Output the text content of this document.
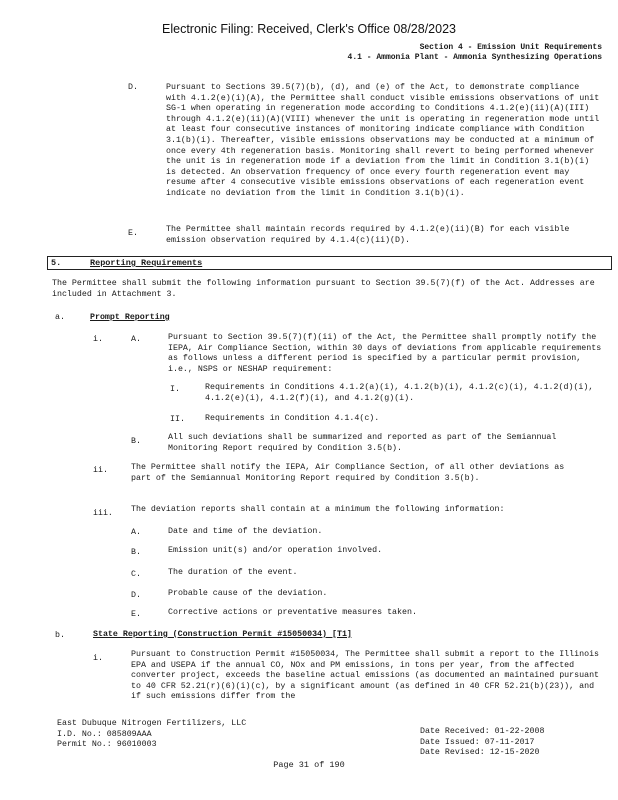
Electronic Filing: Received, Clerk's Office 08/28/2023
Section 4 - Emission Unit Requirements
4.1 - Ammonia Plant - Ammonia Synthesizing Operations
D.	Pursuant to Sections 39.5(7)(b), (d), and (e) of the Act, to demonstrate compliance with 4.1.2(e)(i)(A), the Permittee shall conduct visible emissions observations of unit SG-1 when operating in regeneration mode according to Conditions 4.1.2(e)(ii)(A)(III) through 4.1.2(e)(ii)(A)(VIII) whenever the unit is operating in regeneration mode until at least four consecutive instances of monitoring indicate compliance with Condition 3.1(b)(i). Thereafter, visible emissions observations may be conducted at a minimum of once every 4th regeneration basis. Monitoring shall revert to being performed whenever the unit is in regeneration mode if a deviation from the limit in Condition 3.1(b)(i) is detected. An observation frequency of once every fourth regeneration event may resume after 4 consecutive visible emissions observations of each regeneration event indicate no deviation from the limit in Condition 3.1(b)(i).
E.	The Permittee shall maintain records required by 4.1.2(e)(ii)(B) for each visible emission observation required by 4.1.4(c)(ii)(D).
5.	Reporting Requirements
The Permittee shall submit the following information pursuant to Section 39.5(7)(f) of the Act. Addresses are included in Attachment 3.
a.	Prompt Reporting
i.	A.	Pursuant to Section 39.5(7)(f)(ii) of the Act, the Permittee shall promptly notify the IEPA, Air Compliance Section, within 30 days of deviations from applicable requirements as follows unless a different period is specified by a particular permit provision, i.e., NSPS or NESHAP requirement:
I.	Requirements in Conditions 4.1.2(a)(i), 4.1.2(b)(i), 4.1.2(c)(i), 4.1.2(d)(i), 4.1.2(e)(i), 4.1.2(f)(i), and 4.1.2(g)(i).
II. Requirements in Condition 4.1.4(c).
B.	All such deviations shall be summarized and reported as part of the Semiannual Monitoring Report required by Condition 3.5(b).
ii.	The Permittee shall notify the IEPA, Air Compliance Section, of all other deviations as part of the Semiannual Monitoring Report required by Condition 3.5(b).
iii. The deviation reports shall contain at a minimum the following information:
A.	Date and time of the deviation.
B.	Emission unit(s) and/or operation involved.
C.	The duration of the event.
D.	Probable cause of the deviation.
E.	Corrective actions or preventative measures taken.
b.	State Reporting (Construction Permit #15050034) [T1]
i.	Pursuant to Construction Permit #15050034, The Permittee shall submit a report to the Illinois EPA and USEPA if the annual CO, NOx and PM emissions, in tons per year, from the affected converter project, exceeds the baseline actual emissions (as documented an maintained pursuant to 40 CFR 52.21(r)(6)(i)(c), by a significant amount (as defined in 40 CFR 52.21(b)(23)), and if such emissions differ from the
East Dubuque Nitrogen Fertilizers, LLC
I.D. No.: 085809AAA
Permit No.: 96010003
Date Received: 01-22-2008
Date Issued: 07-11-2017
Date Revised: 12-15-2020
Page 31 of 190
